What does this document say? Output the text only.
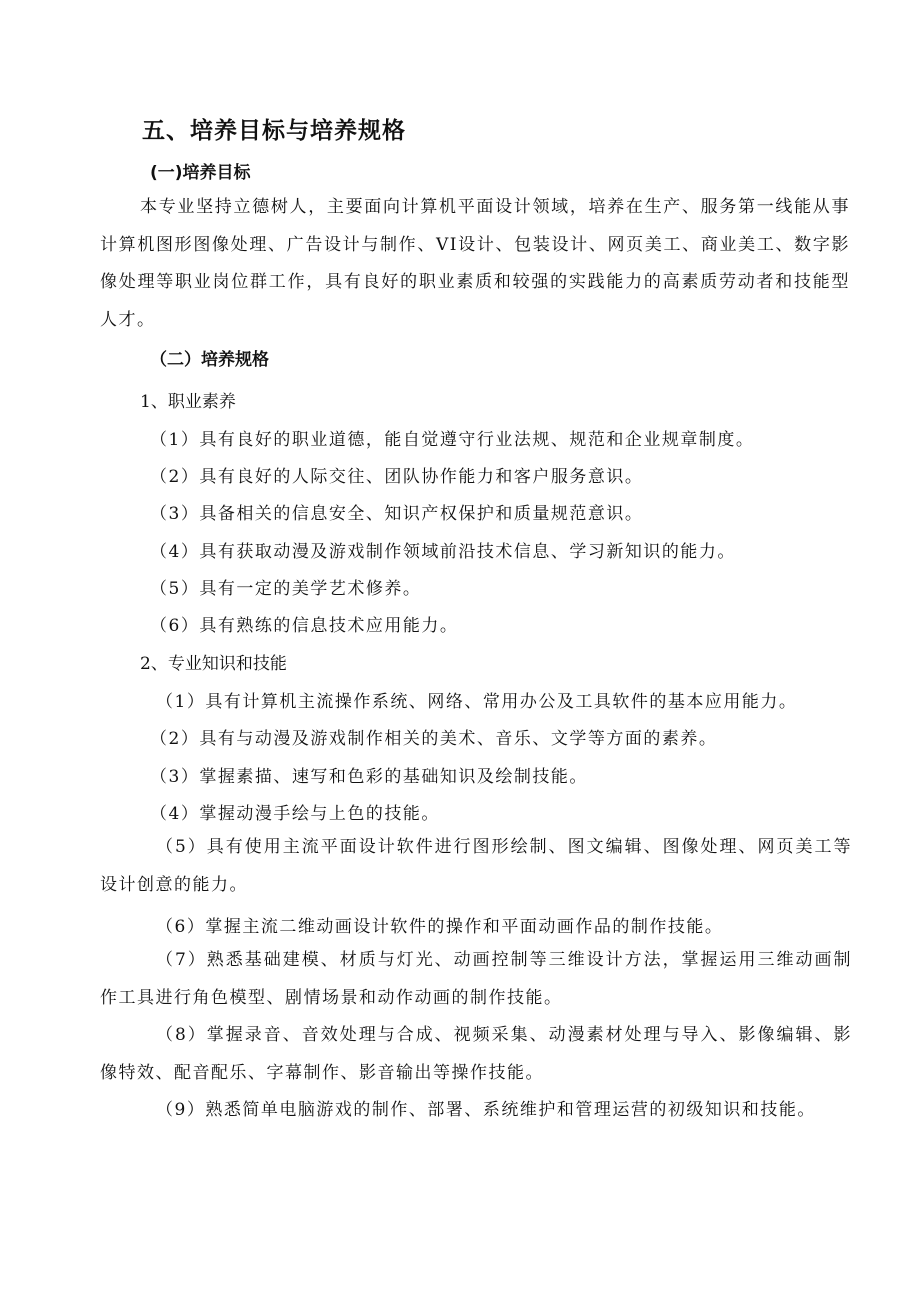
五、培养目标与培养规格
(一)培养目标

本专业坚持立德树人，主要面向计算机平面设计领域，培养在生产、服务第一线能从事计算机图形图像处理、广告设计与制作、VI设计、包装设计、网页美工、商业美工、数字影像处理等职业岗位群工作，具有良好的职业素质和较强的实践能力的高素质劳动者和技能型人才。

（二）培养规格
1、职业素养
（1）具有良好的职业道德，能自觉遵守行业法规、规范和企业规章制度。
（2）具有良好的人际交往、团队协作能力和客户服务意识。
（3）具备相关的信息安全、知识产权保护和质量规范意识。
（4）具有获取动漫及游戏制作领域前沿技术信息、学习新知识的能力。
（5）具有一定的美学艺术修养。
（6）具有熟练的信息技术应用能力。
2、专业知识和技能
（1）具有计算机主流操作系统、网络、常用办公及工具软件的基本应用能力。
（2）具有与动漫及游戏制作相关的美术、音乐、文学等方面的素养。
（3）掌握素描、速写和色彩的基础知识及绘制技能。
（4）掌握动漫手绘与上色的技能。

（5）具有使用主流平面设计软件进行图形绘制、图文编辑、图像处理、网页美工等设计创意的能力。

（6）掌握主流二维动画设计软件的操作和平面动画作品的制作技能。

（7）熟悉基础建模、材质与灯光、动画控制等三维设计方法，掌握运用三维动画制作工具进行角色模型、剧情场景和动作动画的制作技能。

（8）掌握录音、音效处理与合成、视频采集、动漫素材处理与导入、影像编辑、影像特效、配音配乐、字幕制作、影音输出等操作技能。

（9）熟悉简单电脑游戏的制作、部署、系统维护和管理运营的初级知识和技能。
